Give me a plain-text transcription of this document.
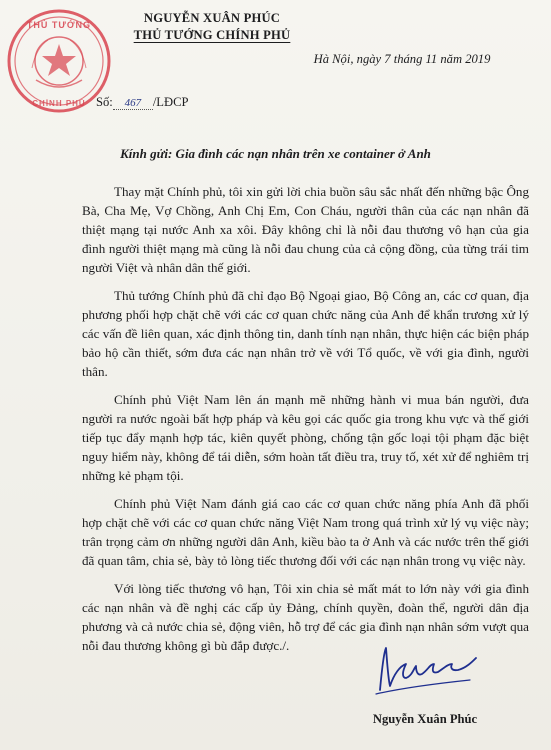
THỦ TƯỚNG
CHÍNH PHỦ
NGUYỄN XUÂN PHÚC
THỦ TƯỚNG CHÍNH PHỦ
Hà Nội, ngày 7 tháng 11 năm 2019
Số: 467 /LĐCP
Kính gửi: Gia đình các nạn nhân trên xe container ở Anh

Thay mặt Chính phủ, tôi xin gửi lời chia buồn sâu sắc nhất đến những bậc Ông Bà, Cha Mẹ, Vợ Chồng, Anh Chị Em, Con Cháu, người thân của các nạn nhân đã thiệt mạng tại nước Anh xa xôi. Đây không chỉ là nỗi đau thương vô hạn của gia đình người thiệt mạng mà cũng là nỗi đau chung của cả cộng đồng, của từng trái tim người Việt và nhân dân thế giới.

Thủ tướng Chính phủ đã chỉ đạo Bộ Ngoại giao, Bộ Công an, các cơ quan, địa phương phối hợp chặt chẽ với các cơ quan chức năng của Anh để khẩn trương xử lý các vấn đề liên quan, xác định thông tin, danh tính nạn nhân, thực hiện các biện pháp bảo hộ cần thiết, sớm đưa các nạn nhân trở về với Tổ quốc, về với gia đình, người thân.

Chính phủ Việt Nam lên án mạnh mẽ những hành vi mua bán người, đưa người ra nước ngoài bất hợp pháp và kêu gọi các quốc gia trong khu vực và thế giới tiếp tục đẩy mạnh hợp tác, kiên quyết phòng, chống tận gốc loại tội phạm đặc biệt nguy hiểm này, không để tái diễn, sớm hoàn tất điều tra, truy tố, xét xử để nghiêm trị những kẻ phạm tội.

Chính phủ Việt Nam đánh giá cao các cơ quan chức năng phía Anh đã phối hợp chặt chẽ với các cơ quan chức năng Việt Nam trong quá trình xử lý vụ việc này; trân trọng cảm ơn những người dân Anh, kiều bào ta ở Anh và các nước trên thế giới đã quan tâm, chia sẻ, bày tỏ lòng tiếc thương đối với các nạn nhân trong vụ việc này.

Với lòng tiếc thương vô hạn, Tôi xin chia sẻ mất mát to lớn này với gia đình các nạn nhân và đề nghị các cấp ủy Đảng, chính quyền, đoàn thể, người dân địa phương và cả nước chia sẻ, động viên, hỗ trợ để các gia đình nạn nhân sớm vượt qua nỗi đau thương không gì bù đắp được./.

Nguyễn Xuân Phúc
